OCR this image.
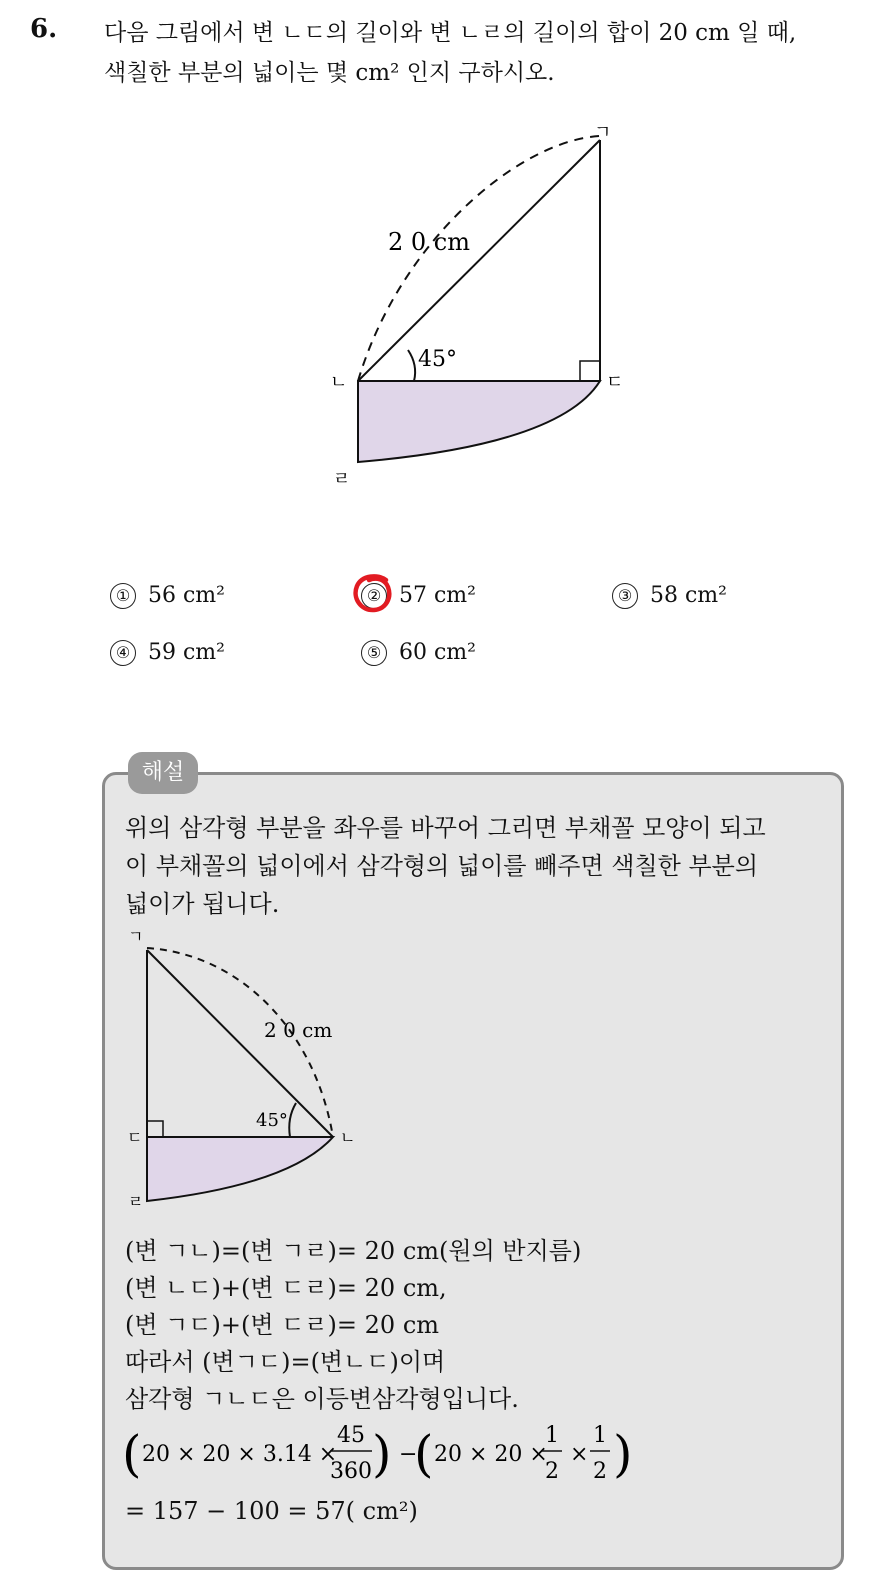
6. 다음 그림에서 변 ㄴㄷ의 길이와 변 ㄴㄹ의 길이의 합이 20 cm 일 때,
색칠한 부분의 넓이는 몇 cm² 인지 구하시오.
2 0 cm
45°
ㄱ
ㄴ	ㄷ
ㄹ
① 56 cm²	② 57 cm²	③ 58 cm²
④ 59 cm²	⑤ 60 cm²
해설
위의 삼각형 부분을 좌우를 바꾸어 그리면 부채꼴 모양이 되고
이 부채꼴의 넓이에서 삼각형의 넓이를 빼주면 색칠한 부분의
넓이가 됩니다.
2 0 cm
45°
ㄱ
ㄷ	ㄴ
ㄹ
(변 ㄱㄴ)=(변 ㄱㄹ)= 20 cm(원의 반지름)
(변 ㄴㄷ)+(변 ㄷㄹ)= 20 cm,
(변 ㄱㄷ)+(변 ㄷㄹ)= 20 cm
따라서 (변ㄱㄷ)=(변ㄴㄷ)이며
삼각형 ㄱㄴㄷ은 이등변삼각형입니다.
( 20 × 20 × 3.14 ×
45
360 ) −
( 20 × 20 ×
1
2
×
1
2 )
= 157 − 100 = 57( cm²)
